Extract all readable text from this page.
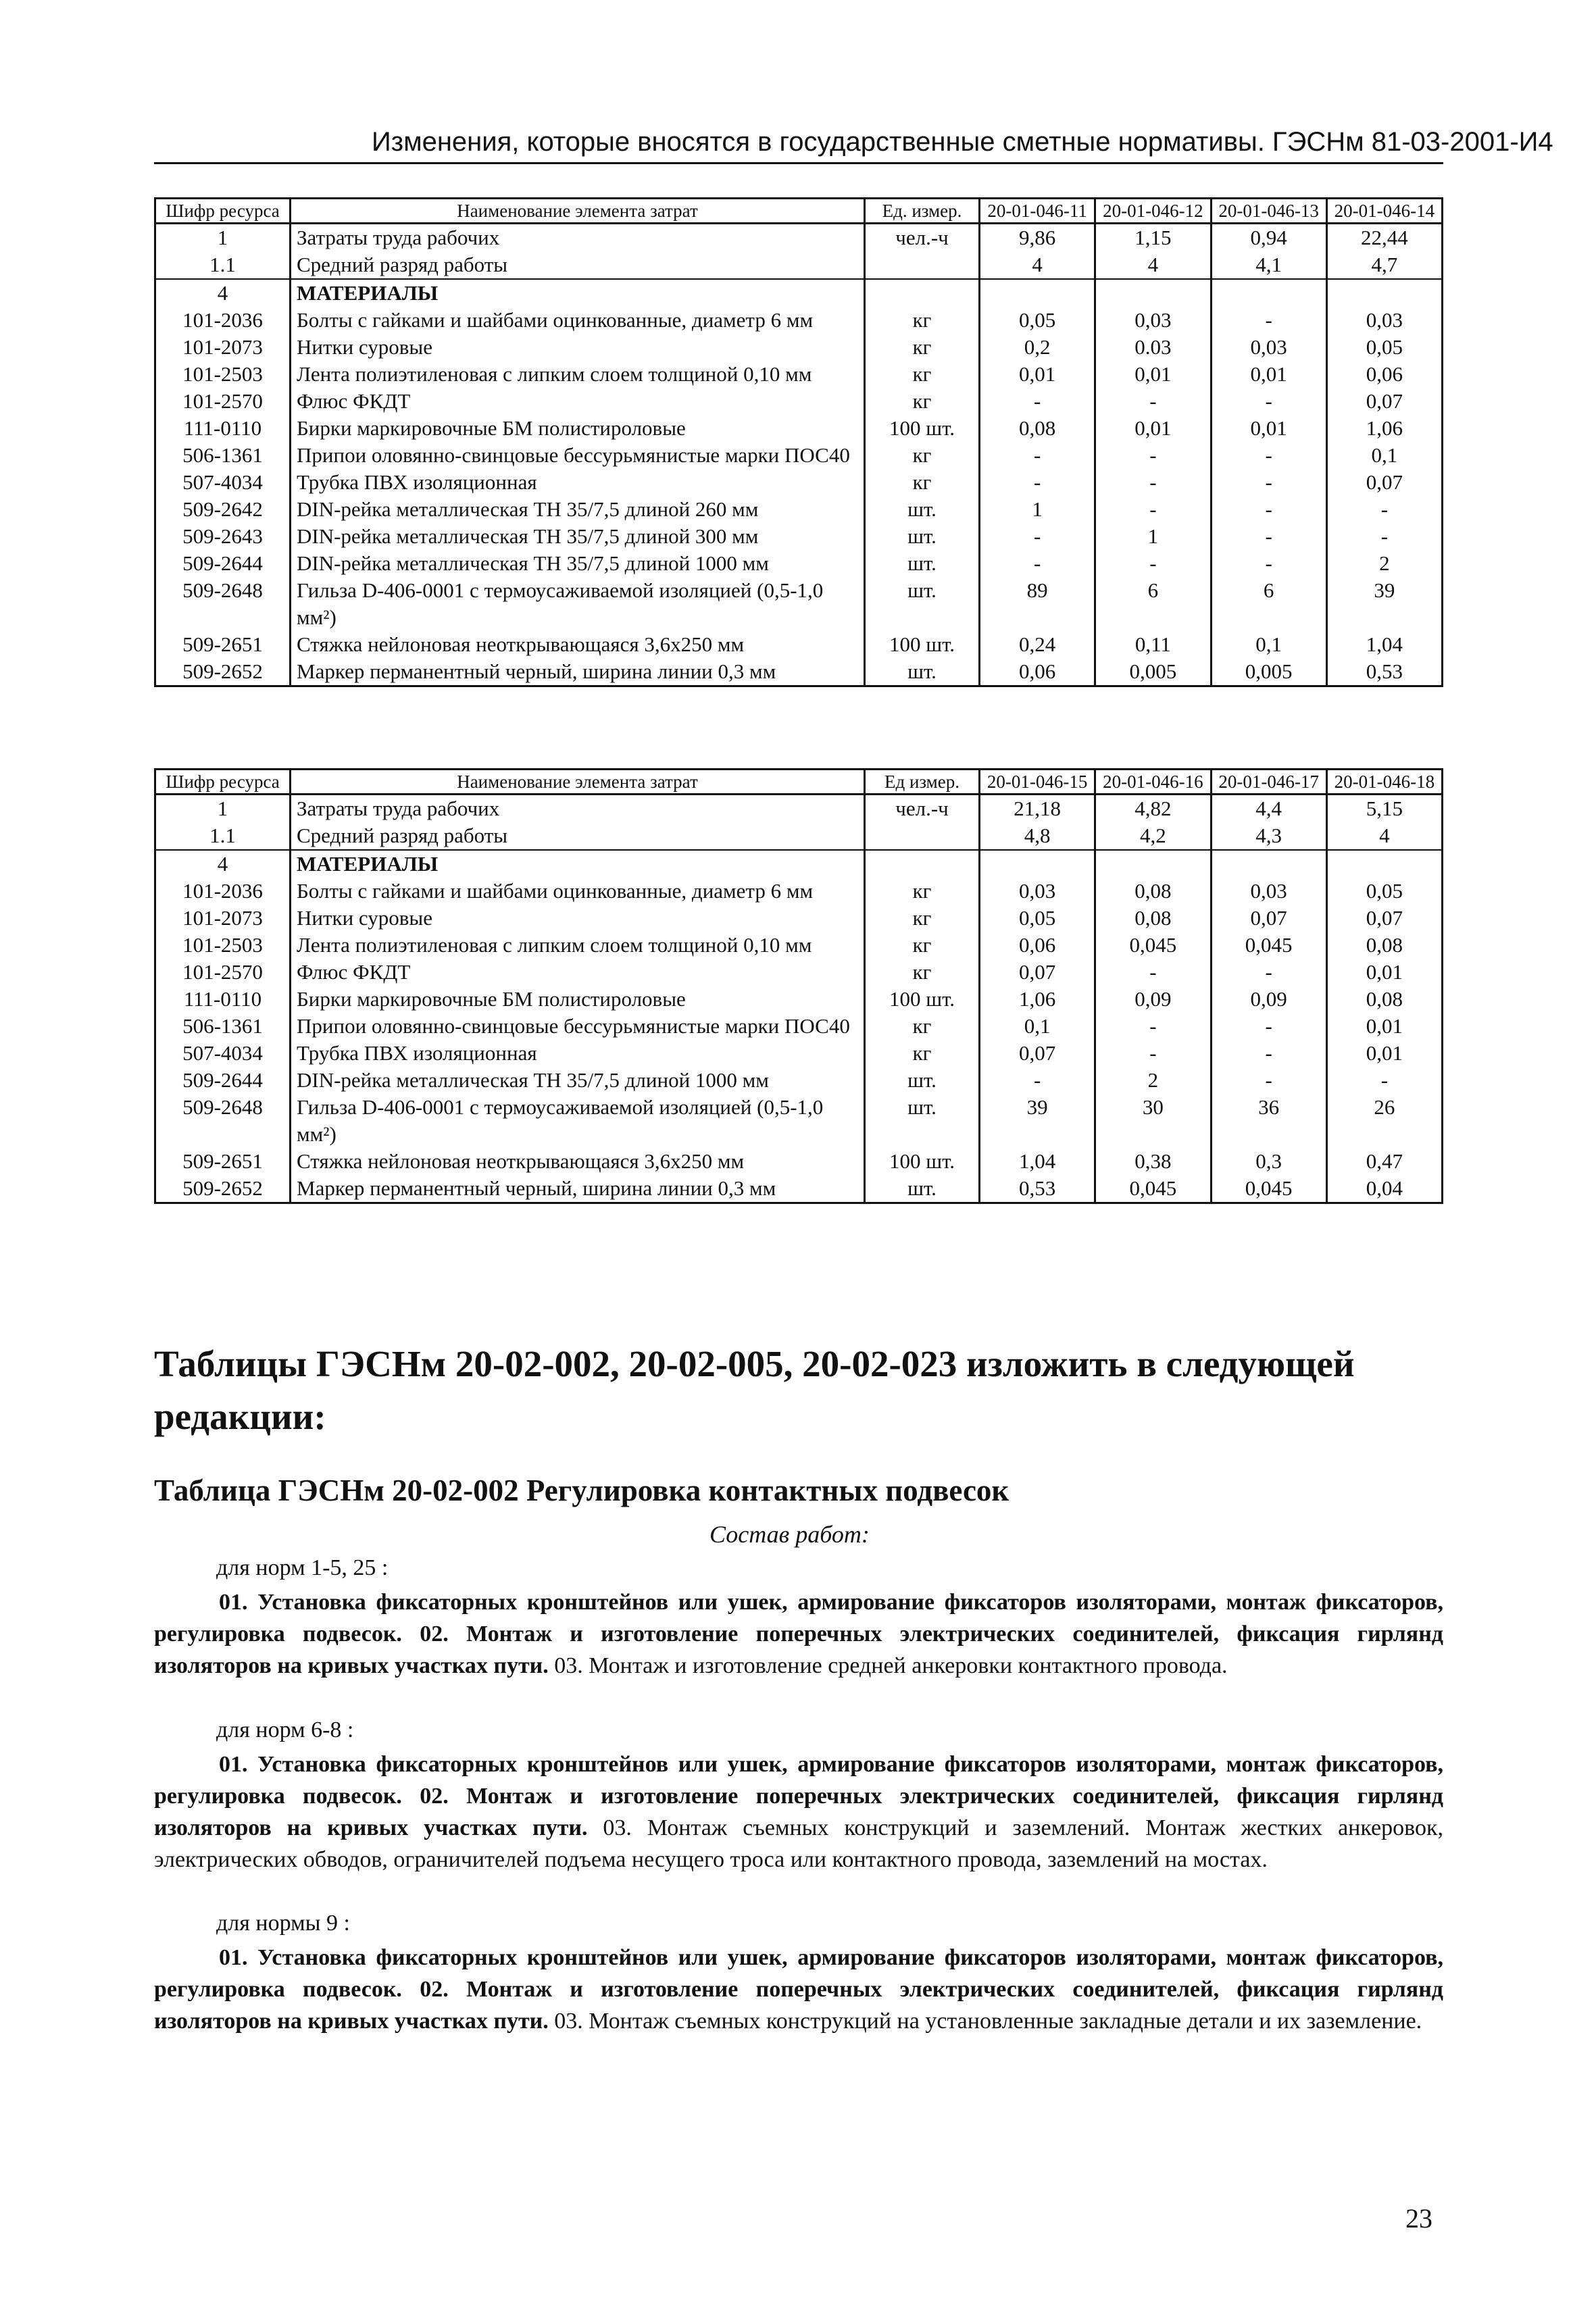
Изменения, которые вносятся в государственные сметные нормативы. ГЭСНм 81-03-2001-И4
Шифр ресурса	Наименование элемента затрат	Ед. измер.	20-01-046-11	20-01-046-12	20-01-046-13	20-01-046-14
1	Затраты труда рабочих	чел.-ч	9,86	1,15	0,94	22,44
1.1	Средний разряд работы		4	4	4,1	4,7
4	МАТЕРИАЛЫ					
101-2036	Болты с гайками и шайбами оцинкованные, диаметр 6 мм	кг	0,05	0,03	-	0,03
101-2073	Нитки суровые	кг	0,2	0.03	0,03	0,05
101-2503	Лента полиэтиленовая с липким слоем толщиной 0,10 мм	кг	0,01	0,01	0,01	0,06
101-2570	Флюс ФКДТ	кг	-	-	-	0,07
111-0110	Бирки маркировочные БМ полистироловые	100 шт.	0,08	0,01	0,01	1,06
506-1361	Припои оловянно-свинцовые бессурьмянистые марки ПОС40	кг	-	-	-	0,1
507-4034	Трубка ПВХ изоляционная	кг	-	-	-	0,07
509-2642	DIN-рейка металлическая ТН 35/7,5 длиной 260 мм	шт.	1	-	-	-
509-2643	DIN-рейка металлическая ТН 35/7,5 длиной 300 мм	шт.	-	1	-	-
509-2644	DIN-рейка металлическая ТН 35/7,5 длиной 1000 мм	шт.	-	-	-	2
509-2648	Гильза D-406-0001 с термоусаживаемой изоляцией (0,5-1,0 мм²)	шт.	89	6	6	39
509-2651	Стяжка нейлоновая неоткрывающаяся 3,6x250 мм	100 шт.	0,24	0,11	0,1	1,04
509-2652	Маркер перманентный черный, ширина линии 0,3 мм	шт.	0,06	0,005	0,005	0,53
Шифр ресурса	Наименование элемента затрат	Ед измер.	20-01-046-15	20-01-046-16	20-01-046-17	20-01-046-18
1	Затраты труда рабочих	чел.-ч	21,18	4,82	4,4	5,15
1.1	Средний разряд работы		4,8	4,2	4,3	4
4	МАТЕРИАЛЫ					
101-2036	Болты с гайками и шайбами оцинкованные, диаметр 6 мм	кг	0,03	0,08	0,03	0,05
101-2073	Нитки суровые	кг	0,05	0,08	0,07	0,07
101-2503	Лента полиэтиленовая с липким слоем толщиной 0,10 мм	кг	0,06	0,045	0,045	0,08
101-2570	Флюс ФКДТ	кг	0,07	-	-	0,01
111-0110	Бирки маркировочные БМ полистироловые	100 шт.	1,06	0,09	0,09	0,08
506-1361	Припои оловянно-свинцовые бессурьмянистые марки ПОС40	кг	0,1	-	-	0,01
507-4034	Трубка ПВХ изоляционная	кг	0,07	-	-	0,01
509-2644	DIN-рейка металлическая ТН 35/7,5 длиной 1000 мм	шт.	-	2	-	-
509-2648	Гильза D-406-0001 с термоусаживаемой изоляцией (0,5-1,0 мм²)	шт.	39	30	36	26
509-2651	Стяжка нейлоновая неоткрывающаяся 3,6x250 мм	100 шт.	1,04	0,38	0,3	0,47
509-2652	Маркер перманентный черный, ширина линии 0,3 мм	шт.	0,53	0,045	0,045	0,04
Таблицы ГЭСНм 20-02-002, 20-02-005, 20-02-023 изложить в следующей редакции:
Таблица ГЭСНм 20-02-002 Регулировка контактных подвесок
Состав работ:
для норм 1-5, 25 :
01. Установка фиксаторных кронштейнов или ушек, армирование фиксаторов изоляторами, монтаж фиксаторов, регулировка подвесок. 02. Монтаж и изготовление поперечных электрических соединителей, фиксация гирлянд изоляторов на кривых участках пути. 03. Монтаж и изготовление средней анкеровки контактного провода.
для норм 6-8 :
01. Установка фиксаторных кронштейнов или ушек, армирование фиксаторов изоляторами, монтаж фиксаторов, регулировка подвесок. 02. Монтаж и изготовление поперечных электрических соединителей, фиксация гирлянд изоляторов на кривых участках пути. 03. Монтаж съемных конструкций и заземлений. Монтаж жестких анкеровок, электрических обводов, ограничителей подъема несущего троса или контактного провода, заземлений на мостах.
для нормы 9 :
01. Установка фиксаторных кронштейнов или ушек, армирование фиксаторов изоляторами, монтаж фиксаторов, регулировка подвесок. 02. Монтаж и изготовление поперечных электрических соединителей, фиксация гирлянд изоляторов на кривых участках пути. 03. Монтаж съемных конструкций на установленные закладные детали и их заземление.
23
